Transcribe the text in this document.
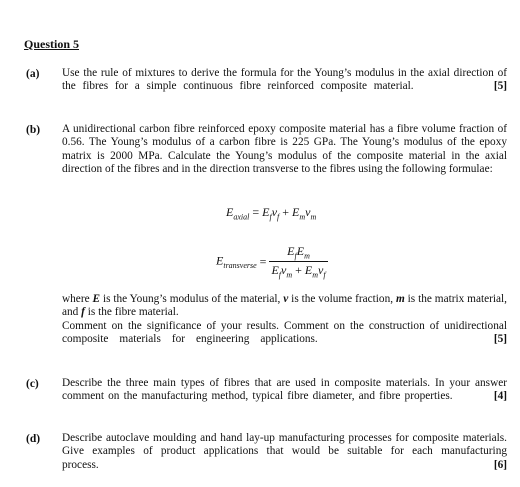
Question 5
(a) Use the rule of mixtures to derive the formula for the Young’s modulus in the axial direction of the fibres for a simple continuous fibre reinforced composite material.	[5]

(b) A unidirectional carbon fibre reinforced epoxy composite material has a fibre volume fraction of 0.56. The Young’s modulus of a carbon fibre is 225 GPa. The Young’s modulus of the epoxy matrix is 2000 MPa. Calculate the Young’s modulus of the composite material in the axial direction of the fibres and in the direction transverse to the fibres using the following formulae:

$E_{axial} = E_fv_f + E_mv_m$
$E_{transverse} = \frac{E_fE_m}{E_fv_m + E_mv_f}$

where E is the Young’s modulus of the material, v is the volume fraction, m is the matrix material, and f is the fibre material.

Comment on the significance of your results. Comment on the construction of unidirectional composite materials for engineering applications.	[5]

(c) Describe the three main types of fibres that are used in composite materials. In your answer comment on the manufacturing method, typical fibre diameter, and fibre properties.	[4]

(d) Describe autoclave moulding and hand lay-up manufacturing processes for composite materials. Give examples of product applications that would be suitable for each manufacturing process.	[6]
